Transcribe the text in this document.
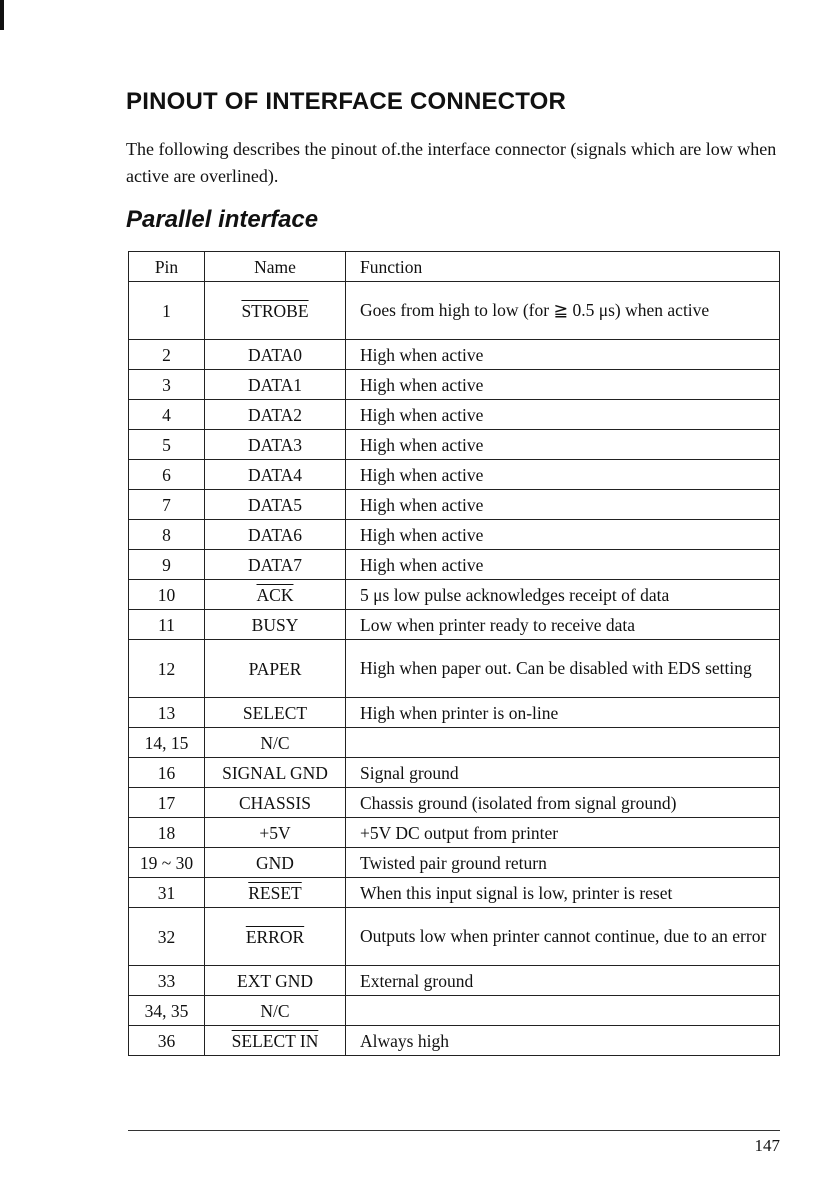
PINOUT OF INTERFACE CONNECTOR

The following describes the pinout of.the interface connector (signals which are low when active are overlined).

Parallel interface
Pin	Name	Function
1	STROBE	Goes from high to low (for ≧ 0.5 μs) when active
2	DATA0	High when active
3	DATA1	High when active
4	DATA2	High when active
5	DATA3	High when active
6	DATA4	High when active
7	DATA5	High when active
8	DATA6	High when active
9	DATA7	High when active
10	$\overline{ACK}$	5 μs low pulse acknowledges receipt of data
11	BUSY	Low when printer ready to receive data
12	PAPER	High when paper out. Can be disabled with EDS setting
13	SELECT	High when printer is on-line
14, 15	N/C	
16	SIGNAL GND	Signal ground
17	CHASSIS	Chassis ground (isolated from signal ground)
18	+5V	+5V DC output from printer
19 ~ 30	GND	Twisted pair ground return
31	RESET	When this input signal is low, printer is reset
32	ERROR	Outputs low when printer cannot continue, due to an error
33	EXT GND	External ground
34, 35	N/C	
36	SELECT IN	Always high
147
